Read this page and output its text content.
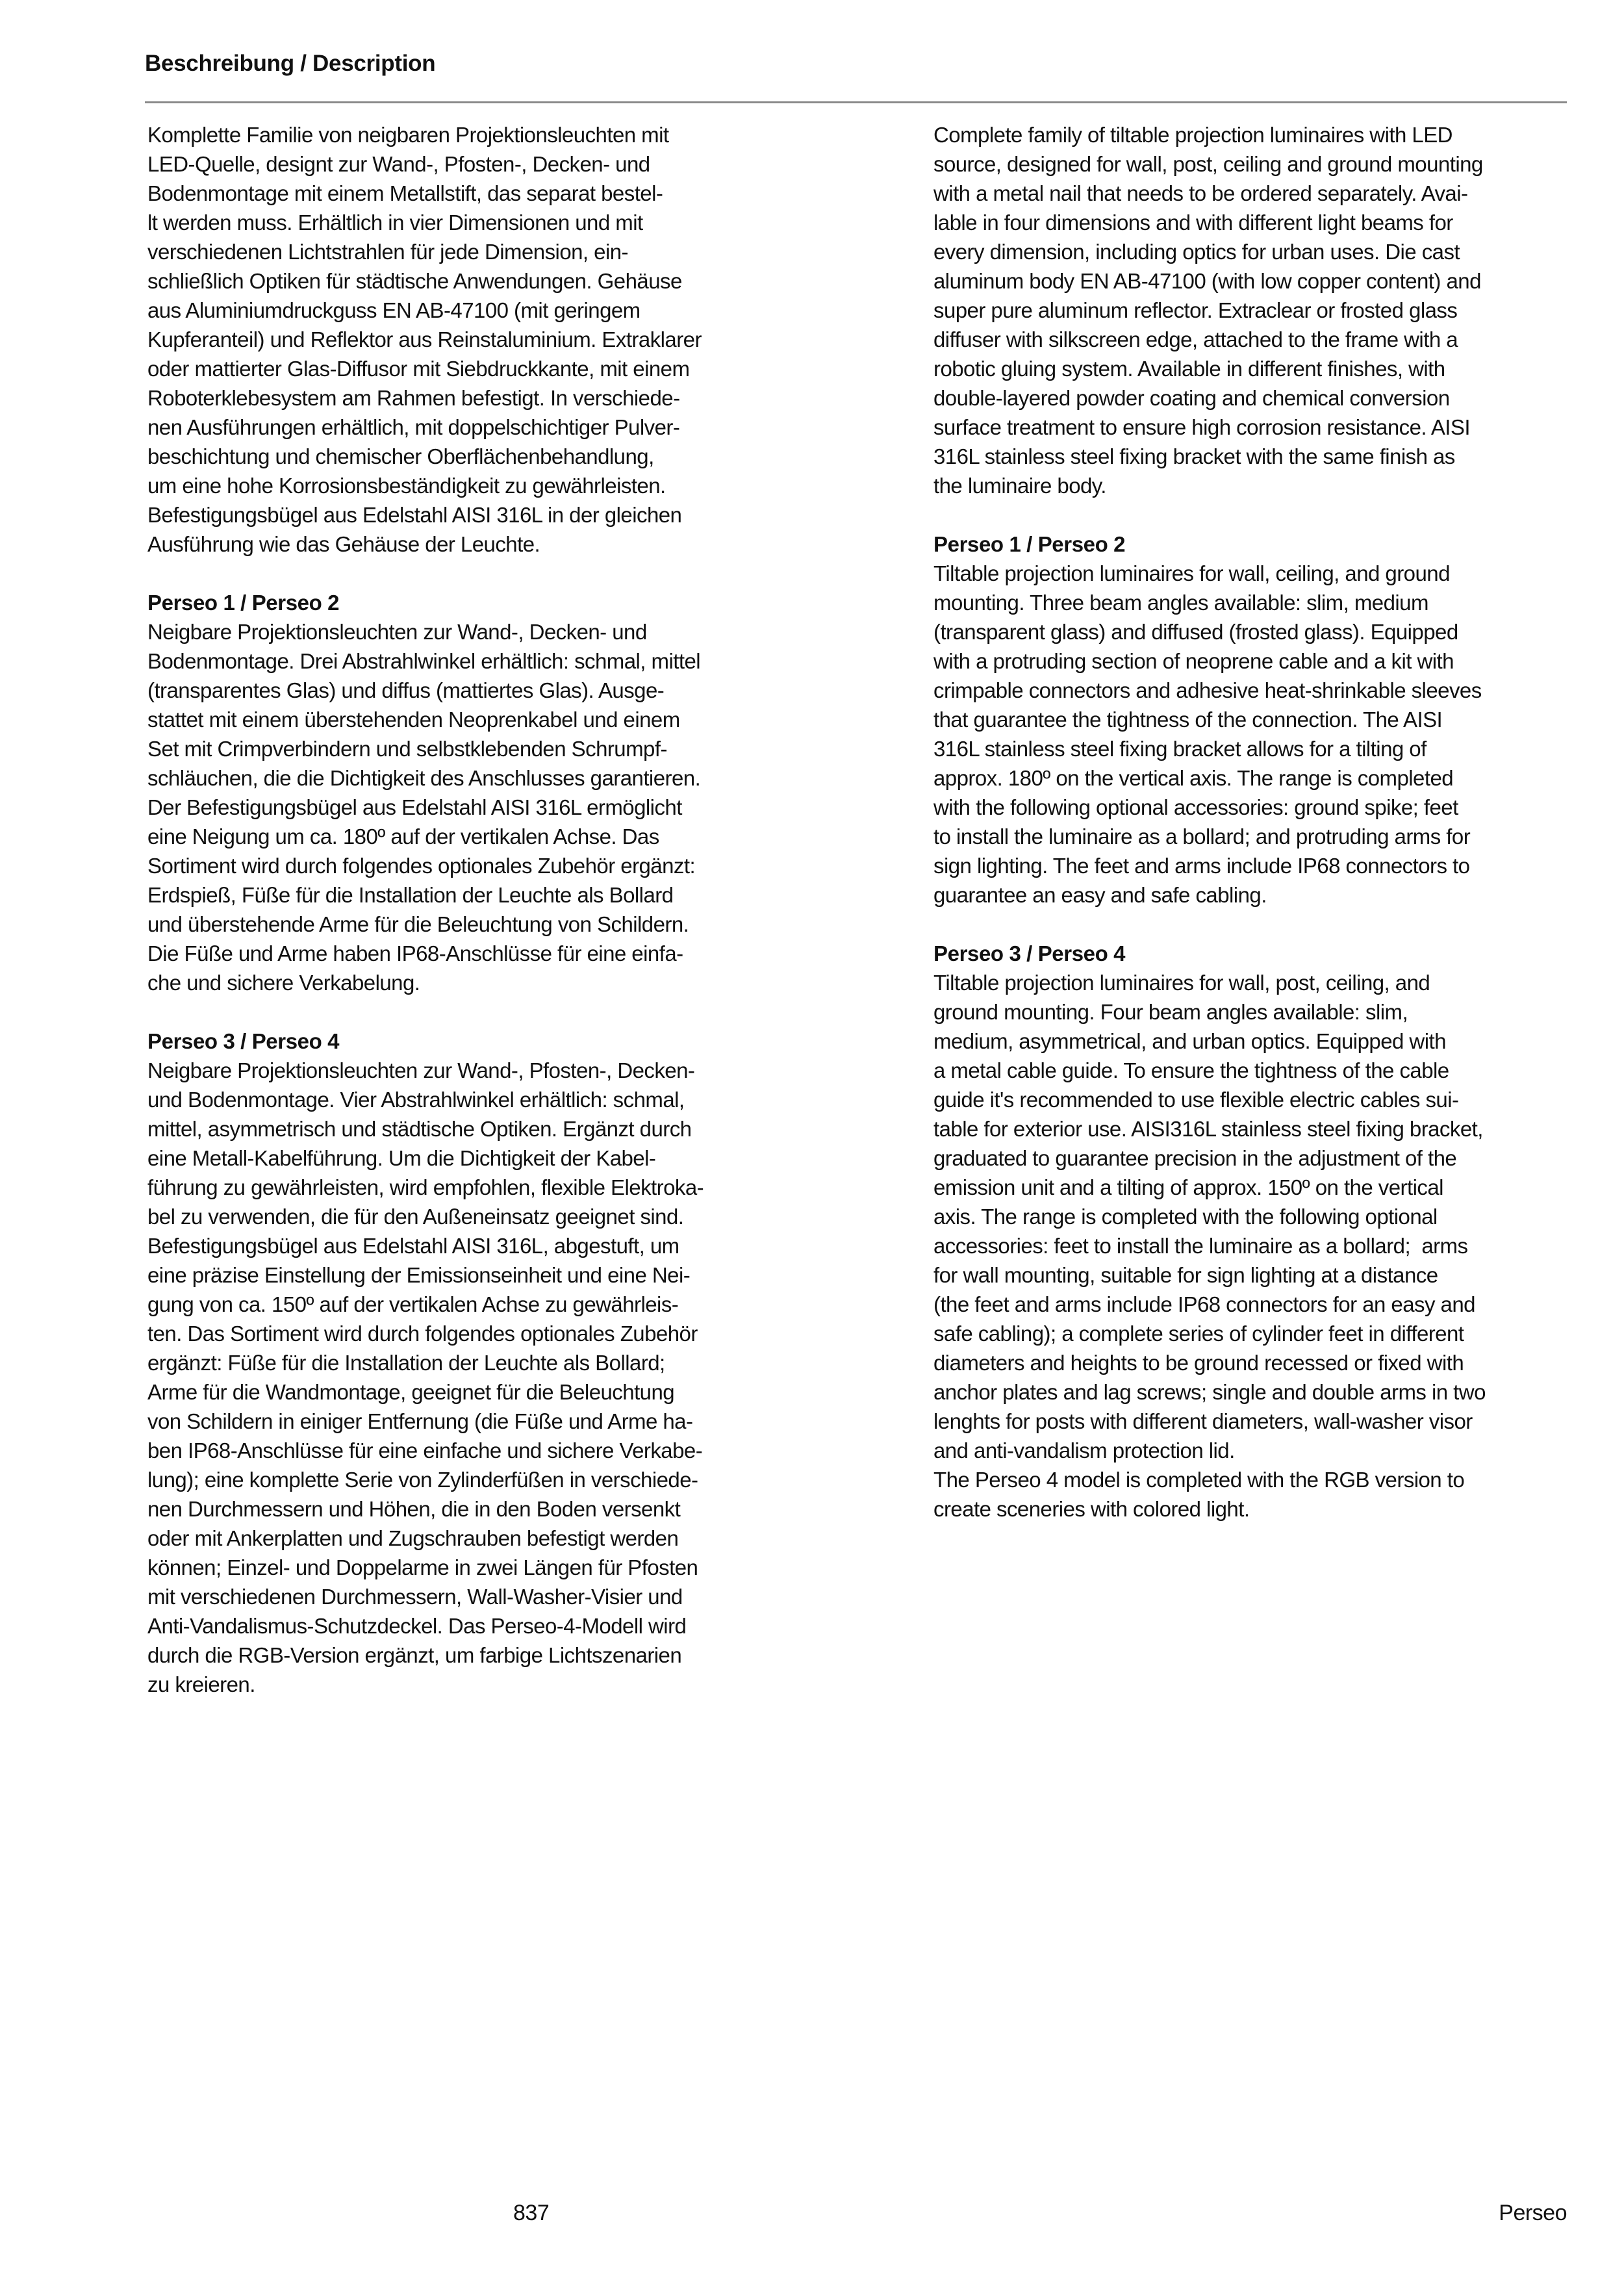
Beschreibung / Description
Komplette Familie von neigbaren Projektionsleuchten mit
LED-Quelle, designt zur Wand-, Pfosten-, Decken- und
Bodenmontage mit einem Metallstift, das separat bestel-
lt werden muss. Erhältlich in vier Dimensionen und mit
verschiedenen Lichtstrahlen für jede Dimension, ein-
schließlich Optiken für städtische Anwendungen. Gehäuse
aus Aluminiumdruckguss EN AB-47100 (mit geringem
Kupferanteil) und Reflektor aus Reinstaluminium. Extraklarer
oder mattierter Glas-Diffusor mit Siebdruckkante, mit einem
Roboterklebesystem am Rahmen befestigt. In verschiede-
nen Ausführungen erhältlich, mit doppelschichtiger Pulver-
beschichtung und chemischer Oberflächenbehandlung,
um eine hohe Korrosionsbeständigkeit zu gewährleisten.
Befestigungsbügel aus Edelstahl AISI 316L in der gleichen
Ausführung wie das Gehäuse der Leuchte.
Perseo 1 / Perseo 2
Neigbare Projektionsleuchten zur Wand-, Decken- und
Bodenmontage. Drei Abstrahlwinkel erhältlich: schmal, mittel
(transparentes Glas) und diffus (mattiertes Glas). Ausge-
stattet mit einem überstehenden Neoprenkabel und einem
Set mit Crimpverbindern und selbstklebenden Schrumpf-
schläuchen, die die Dichtigkeit des Anschlusses garantieren.
Der Befestigungsbügel aus Edelstahl AISI 316L ermöglicht
eine Neigung um ca. 180º auf der vertikalen Achse. Das
Sortiment wird durch folgendes optionales Zubehör ergänzt:
Erdspieß, Füße für die Installation der Leuchte als Bollard
und überstehende Arme für die Beleuchtung von Schildern.
Die Füße und Arme haben IP68-Anschlüsse für eine einfa-
che und sichere Verkabelung.
Perseo 3 / Perseo 4
Neigbare Projektionsleuchten zur Wand-, Pfosten-, Decken-
und Bodenmontage. Vier Abstrahlwinkel erhältlich: schmal,
mittel, asymmetrisch und städtische Optiken. Ergänzt durch
eine Metall-Kabelführung. Um die Dichtigkeit der Kabel-
führung zu gewährleisten, wird empfohlen, flexible Elektroka-
bel zu verwenden, die für den Außeneinsatz geeignet sind.
Befestigungsbügel aus Edelstahl AISI 316L, abgestuft, um
eine präzise Einstellung der Emissionseinheit und eine Nei-
gung von ca. 150º auf der vertikalen Achse zu gewährleis-
ten. Das Sortiment wird durch folgendes optionales Zubehör
ergänzt: Füße für die Installation der Leuchte als Bollard;
Arme für die Wandmontage, geeignet für die Beleuchtung
von Schildern in einiger Entfernung (die Füße und Arme ha-
ben IP68-Anschlüsse für eine einfache und sichere Verkabe-
lung); eine komplette Serie von Zylinderfüßen in verschiede-
nen Durchmessern und Höhen, die in den Boden versenkt
oder mit Ankerplatten und Zugschrauben befestigt werden
können; Einzel- und Doppelarme in zwei Längen für Pfosten
mit verschiedenen Durchmessern, Wall-Washer-Visier und
Anti-Vandalismus-Schutzdeckel. Das Perseo-4-Modell wird
durch die RGB-Version ergänzt, um farbige Lichtszenarien
zu kreieren.
Complete family of tiltable projection luminaires with LED
source, designed for wall, post, ceiling and ground mounting
with a metal nail that needs to be ordered separately. Avai-
lable in four dimensions and with different light beams for
every dimension, including optics for urban uses. Die cast
aluminum body EN AB-47100 (with low copper content) and
super pure aluminum reflector. Extraclear or frosted glass
diffuser with silkscreen edge, attached to the frame with a
robotic gluing system. Available in different finishes, with
double-layered powder coating and chemical conversion
surface treatment to ensure high corrosion resistance. AISI
316L stainless steel fixing bracket with the same finish as
the luminaire body.
Perseo 1 / Perseo 2
Tiltable projection luminaires for wall, ceiling, and ground
mounting. Three beam angles available: slim, medium
(transparent glass) and diffused (frosted glass). Equipped
with a protruding section of neoprene cable and a kit with
crimpable connectors and adhesive heat-shrinkable sleeves
that guarantee the tightness of the connection. The AISI
316L stainless steel fixing bracket allows for a tilting of
approx. 180º on the vertical axis. The range is completed
with the following optional accessories: ground spike; feet
to install the luminaire as a bollard; and protruding arms for
sign lighting. The feet and arms include IP68 connectors to
guarantee an easy and safe cabling.
Perseo 3 / Perseo 4
Tiltable projection luminaires for wall, post, ceiling, and
ground mounting. Four beam angles available: slim,
medium, asymmetrical, and urban optics. Equipped with
a metal cable guide. To ensure the tightness of the cable
guide it's recommended to use flexible electric cables sui-
table for exterior use. AISI316L stainless steel fixing bracket,
graduated to guarantee precision in the adjustment of the
emission unit and a tilting of approx. 150º on the vertical
axis. The range is completed with the following optional
accessories: feet to install the luminaire as a bollard;  arms
for wall mounting, suitable for sign lighting at a distance
(the feet and arms include IP68 connectors for an easy and
safe cabling); a complete series of cylinder feet in different
diameters and heights to be ground recessed or fixed with
anchor plates and lag screws; single and double arms in two
lenghts for posts with different diameters, wall-washer visor
and anti-vandalism protection lid.
The Perseo 4 model is completed with the RGB version to
create sceneries with colored light.
837	Perseo
